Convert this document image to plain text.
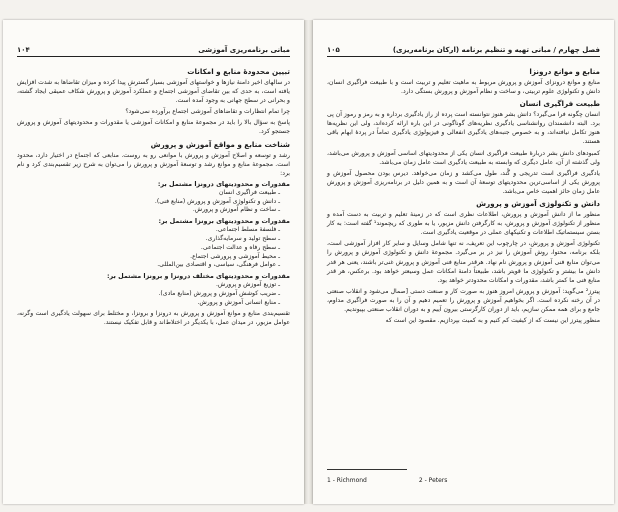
مبانی برنامه‌ریزی آموزشی
۱۰۴
تبیین محدودهٔ منابع و امکانات

در سالهای اخیر دامنهٔ نیازها و خواستهای آموزشی بسیار گسترش پیدا کرده و میزان تقاضاها به شدت افزایش یافته است، به حدی که بین تقاضای آموزشی اجتماع و عملکرد آموزش و پرورش شکاف عمیقی ایجاد گشته، و بحرانی در سطح جهانی به وجود آمده است.

چرا تمام انتظارات و تقاضاهای آموزشی اجتماع برآورده نمی‌شود؟

پاسخ به سؤال بالا را باید در مجموعهٔ منابع و امکانات آموزشی یا مقدورات و محدودیتهای آموزش و پرورش جستجو کرد.

شناخت منابع و مواقع آموزش و پرورش

رشد و توسعه و اصلاح آموزش و پرورش با موانعی رو به روست. منابعی که اجتماع در اختیار دارد، محدود است. مجموعهٔ منابع و موانع رشد و توسعهٔ آموزش و پرورش را می‌توان به شرح زیر تقسیم‌بندی کرد و نام برد:

مقدورات و محدودیتهای درونزا مشتمل بر:
ـ طبیعت فراگیری انسان
ـ دانش و تکنولوژی آموزش و پرورش (منابع فنی).
ـ ساخت و نظام آموزش و پرورش.
مقدورات و محدودیتهای برونزا مشتمل بر:
ـ فلسفهٔ مسلط اجتماعی.
ـ سطح تولید و سرمایه‌گذاری.
ـ سطح رفاه و عدالت اجتماعی.
ـ محیط آموزشی و پرورشی اجتماع.
ـ عوامل فرهنگی، سیاسی، و اقتصادی بین‌المللی.
مقدورات و محدودیتهای مختلف درونزا و برونزا مشتمل بر:
ـ توزیع آموزش و پرورش.
ـ ضریب کوشش آموزش و پرورش (منابع مادی).
ـ منابع انسانی آموزش و پرورش.

تقسیم‌بندی منابع و موانع آموزش و پرورش به درونزا و برونزا، و مختلط برای سهولت یادگیری است وگرنه، عوامل مزبور، در میدان عمل، با یکدیگر در اختلاط‌اند و قابل تفکیک نیستند.

فصل چهارم / مبانی تهیه و تنظیم برنامه (ارکان برنامه‌ریزی)
۱۰۵
منابع و موانع درونزا

منابع و موانع درونزای آموزش و پرورش مربوط به ماهیت تعلیم و تربیت است و با طبیعت فراگیری انسان، دانش و تکنولوژی علوم تربیتی، و ساخت و نظام آموزش و پرورش بستگی دارد.

طبیعت فراگیری انسان

انسان چگونه فرا می‌گیرد؟ دانش بشر هنوز نتوانسته است پرده از راز یادگیری برداره و به رمز و رموز آن پی برد. البته دانشمندان روانشناسی یادگیری نظریه‌های گوناگونی در این باره ارائه کرده‌اند، ولی این نظریه‌ها هنوز تکامل نیافته‌اند، و به خصوص جنبه‌های یادگیری انفعالی و فیزیولوژی یادگیری تماماً در پردهٔ ابهام باقی هستند.

کمبودهای دانش بشر دربارهٔ طبیعت فراگیری انسان یکی از محدودیتهای اساسی آموزش و پرورش می‌باشد، ولی گذشته از آن، عامل دیگری که وابسته به طبیعت یادگیری است عامل زمان می‌باشد.

یادگیری فراگیری است تدریجی و گُند، طول می‌کشد و زمان می‌خواهد. دیرس بودن محصول آموزش و پرورش یکی از اساسی‌ترین محدودیتهای توسعهٔ آن است و به همین دلیل در برنامه‌ریزی آموزش و پرورش عامل زمان حائز اهمیت خاص می‌باشد.

دانش و تکنولوژی آموزش و پرورش

منظور ما از دانش آموزش و پرورش، اطلاعات نظری است که در زمینهٔ تعلیم و تربیت به دست آمده و منظور از تکنولوژی آموزش و پرورش، به کارگرفتن دانش مزبور، یا به طوری که ریچموند¹ گفته است: به کار بستن سیستماتیک اطلاعات و تکنیکهای عملی در موقعیت یادگیری است.

تکنولوژی آموزش و پرورش، در چارچوب این تعریف، نه تنها شامل وسایل و سایر کار افزار آموزشی است، بلکه برنامه، محتوا، روش آموزش را نیز در بر می‌گیرد. مجموعهٔ دانش و تکنولوژی آموزش و پرورش را می‌توان منابع فنی آموزش و پرورش نام نهاد. هرقدر منابع فنی آموزش و پرورش غنی‌تر باشند، یعنی هر قدر دانش ما بیشتر و تکنولوژی ما قویتر باشد، طبیعتاً دامنهٔ امکانات عمل وسیعتر خواهد بود. برعکس، هر قدر منابع فنی ما کمتر باشد، مقدورات و امکانات محدودتر خواهد بود.

پیترز² می‌گوید: آموزش و پرورش امروز هنوز به صورت کار و صنعت دستی [صمال می‌شود و انقلاب صنعتی در آن رخنه نکرده است. اگر بخواهیم آموزش و پرورش را تعمیم دهیم و آن را به صورت فراگیری مداوم، جامع و برای همه ممکن سازیم، باید از دوران کارگرستی بیرون آییم و به دوران انقلاب صنعتی بپیوندیم.

منظور پیترز این نیست که از کیفیت کم کنیم و به کمیت بپردازیم. مقصود این است که

1 - Richmond	2 - Peters
